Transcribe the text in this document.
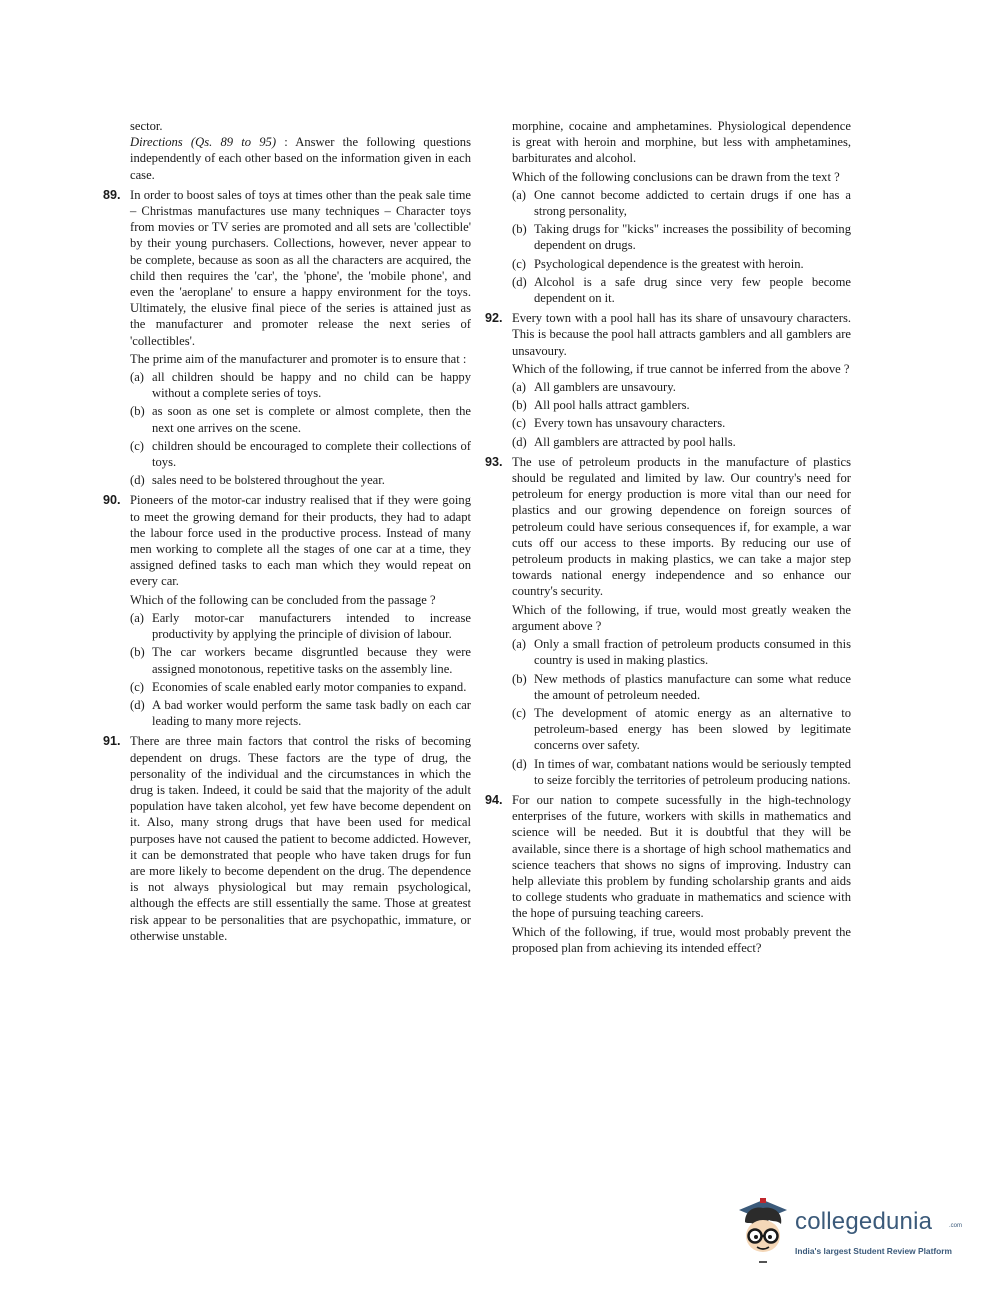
sector.

Directions (Qs. 89 to 95) : Answer the following questions independently of each other based on the information given in each case.

89. In order to boost sales of toys at times other than the peak sale time – Christmas manufactures use many techniques – Character toys from movies or TV series are promoted and all sets are 'collectible' by their young purchasers. Collections, however, never appear to be complete, because as soon as all the characters are acquired, the child then requires the 'car', the 'phone', the 'mobile phone', and even the 'aeroplane' to ensure a happy environment for the toys. Ultimately, the elusive final piece of the series is attained just as the manufacturer and promoter release the next series of 'collectibles'.

The prime aim of the manufacturer and promoter is to ensure that :

(a) all children should be happy and no child can be happy without a complete series of toys.
(b) as soon as one set is complete or almost complete, then the next one arrives on the scene.
(c) children should be encouraged to complete their collections of toys.
(d) sales need to be bolstered throughout the year.
90. Pioneers of the motor-car industry realised that if they were going to meet the growing demand for their products, they had to adapt the labour force used in the productive process. Instead of many men working to complete all the stages of one car at a time, they assigned defined tasks to each man which they would repeat on every car.

Which of the following can be concluded from the passage ?

(a) Early motor-car manufacturers intended to increase productivity by applying the principle of division of labour.
(b) The car workers became disgruntled because they were assigned monotonous, repetitive tasks on the assembly line.
(c) Economies of scale enabled early motor companies to expand.
(d) A bad worker would perform the same task badly on each car leading to many more rejects.
91. There are three main factors that control the risks of becoming dependent on drugs. These factors are the type of drug, the personality of the individual and the circumstances in which the drug is taken. Indeed, it could be said that the majority of the adult population have taken alcohol, yet few have become dependent on it. Also, many strong drugs that have been used for medical purposes have not caused the patient to become addicted. However, it can be demonstrated that people who have taken drugs for fun are more likely to become dependent on the drug. The dependence is not always physiological but may remain psychological, although the effects are still essentially the same. Those at greatest risk appear to be personalities that are psychopathic, immature, or otherwise unstable.

morphine, cocaine and amphetamines. Physiological dependence is great with heroin and morphine, but less with amphetamines, barbiturates and alcohol.

Which of the following conclusions can be drawn from the text ?

(a) One cannot become addicted to certain drugs if one has a strong personality,
(b) Taking drugs for "kicks" increases the possibility of becoming dependent on drugs.
(c) Psychological dependence is the greatest with heroin.
(d) Alcohol is a safe drug since very few people become dependent on it.
92. Every town with a pool hall has its share of unsavoury characters. This is because the pool hall attracts gamblers and all gamblers are unsavoury.

Which of the following, if true cannot be inferred from the above ?

(a) All gamblers are unsavoury.
(b) All pool halls attract gamblers.
(c) Every town has unsavoury characters.
(d) All gamblers are attracted by pool halls.
93. The use of petroleum products in the manufacture of plastics should be regulated and limited by law. Our country's need for petroleum for energy production is more vital than our need for plastics and our growing dependence on foreign sources of petroleum could have serious consequences if, for example, a war cuts off our access to these imports. By reducing our use of petroleum products in making plastics, we can take a major step towards national energy independence and so enhance our country's security.

Which of the following, if true, would most greatly weaken the argument above ?

(a) Only a small fraction of petroleum products consumed in this country is used in making plastics.
(b) New methods of plastics manufacture can some what reduce the amount of petroleum needed.
(c) The development of atomic energy as an alternative to petroleum-based energy has been slowed by legitimate concerns over safety.
(d) In times of war, combatant nations would be seriously tempted to seize forcibly the territories of petroleum producing nations.
94. For our nation to compete sucessfully in the high-technology enterprises of the future, workers with skills in mathematics and science will be needed. But it is doubtful that they will be available, since there is a shortage of high school mathematics and science teachers that shows no signs of improving. Industry can help alleviate this problem by funding scholarship grants and aids to college students who graduate in mathematics and science with the hope of pursuing teaching careers.

Which of the following, if true, would most probably prevent the proposed plan from achieving its intended effect?

collegedunia	.com
India's largest Student Review Platform
